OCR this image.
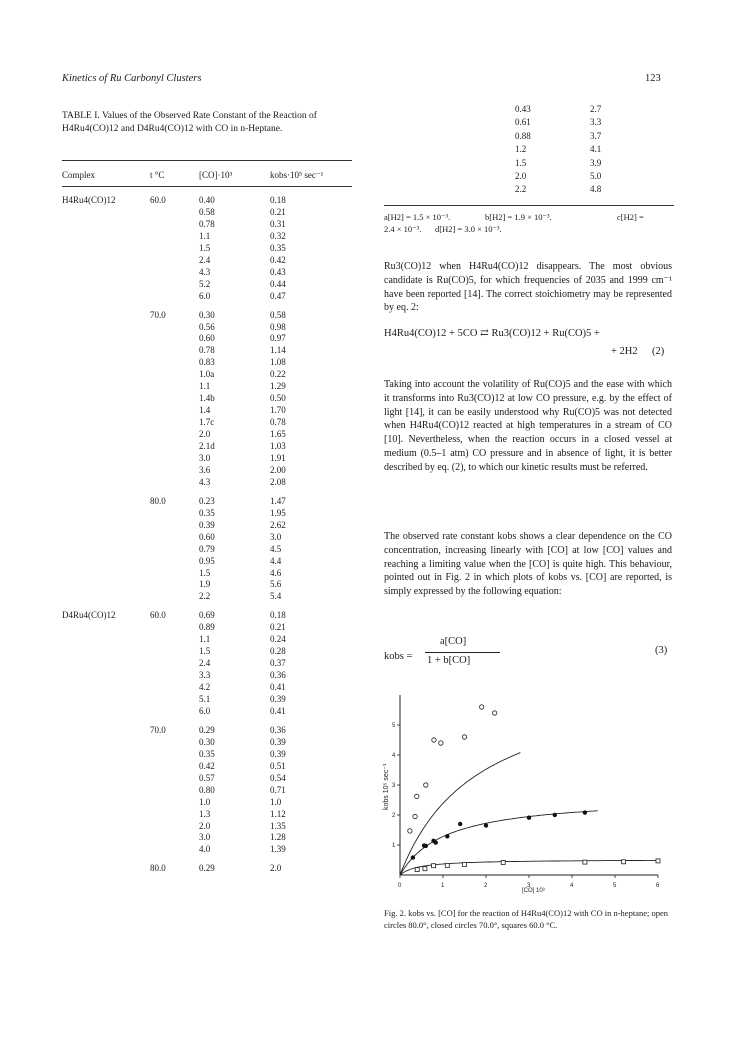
Kinetics of Ru Carbonyl Clusters	123
TABLE I. Values of the Observed Rate Constant of the Reaction of H4Ru4(CO)12 and D4Ru4(CO)12 with CO in n-Heptane.
Complex	t °C	[CO]·10³	kobs·10⁵ sec⁻¹
H4Ru4(CO)12	60.0	0.40	0.18
0.58	0.21
0.78	0.31
1.1	0.32
1.5	0.35
2.4	0.42
4.3	0.43
5.2	0.44
6.0	0.47
70.0	0.30	0.58
0.56	0.98
0.60	0.97
0.78	1.14
0.83	1.08
1.0a	0.22
1.1	1.29
1.4b	0.50
1.4	1.70
1.7c	0.78
2.0	1.65
2.1d	1.03
3.0	1.91
3.6	2.00
4.3	2.08
80.0	0.23	1.47
0.35	1.95
0.39	2.62
0.60	3.0
0.79	4.5
0.95	4.4
1.5	4.6
1.9	5.6
2.2	5.4
D4Ru4(CO)12	60.0	0.69	0.18
0.89	0.21
1.1	0.24
1.5	0.28
2.4	0.37
3.3	0.36
4.2	0.41
5.1	0.39
6.0	0.41
70.0	0.29	0.36
0.30	0.39
0.35	0.39
0.42	0.51
0.57	0.54
0.80	0.71
1.0	1.0
1.3	1.12
2.0	1.35
3.0	1.28
4.0	1.39
80.0	0.29	2.0
0.43	2.7
0.61	3.3
0.88	3.7
1.2	4.1
1.5	3.9
2.0	5.0
2.2	4.8
a[H2] = 1.5 × 10⁻³.	b[H2] = 1.9 × 10⁻³.	c[H2] =
2.4 × 10⁻³. d[H2] = 3.0 × 10⁻³.
Ru3(CO)12 when H4Ru4(CO)12 disappears. The most obvious candidate is Ru(CO)5, for which frequencies of 2035 and 1999 cm⁻¹ have been reported [14]. The correct stoichiometry may be represented by eq. 2:
H4Ru4(CO)12 + 5CO ⇄ Ru3(CO)12 + Ru(CO)5 +
+ 2H2 (2)
Taking into account the volatility of Ru(CO)5 and the ease with which it transforms into Ru3(CO)12 at low CO pressure, e.g. by the effect of light [14], it can be easily understood why Ru(CO)5 was not detected when H4Ru4(CO)12 reacted at high temperatures in a stream of CO [10]. Nevertheless, when the reaction occurs in a closed vessel at medium (0.5–1 atm) CO pressure and in absence of light, it is better described by eq. (2), to which our kinetic results must be referred.
The observed rate constant kobs shows a clear dependence on the CO concentration, increasing linearly with [CO] at low [CO] values and reaching a limiting value when the [CO] is quite high. This behaviour, pointed out in Fig. 2 in which plots of kobs vs. [CO] are reported, is simply expressed by the following equation:
kobs =
a[CO]
1 + b[CO]
(3)
0	1	2	3	4	5	6
1
2
3
4
5
kobs 10⁵ sec⁻¹
[CO] 10³
Fig. 2. kobs vs. [CO] for the reaction of H4Ru4(CO)12 with CO in n-heptane; open circles 80.0°, closed circles 70.0°, squares 60.0 °C.
